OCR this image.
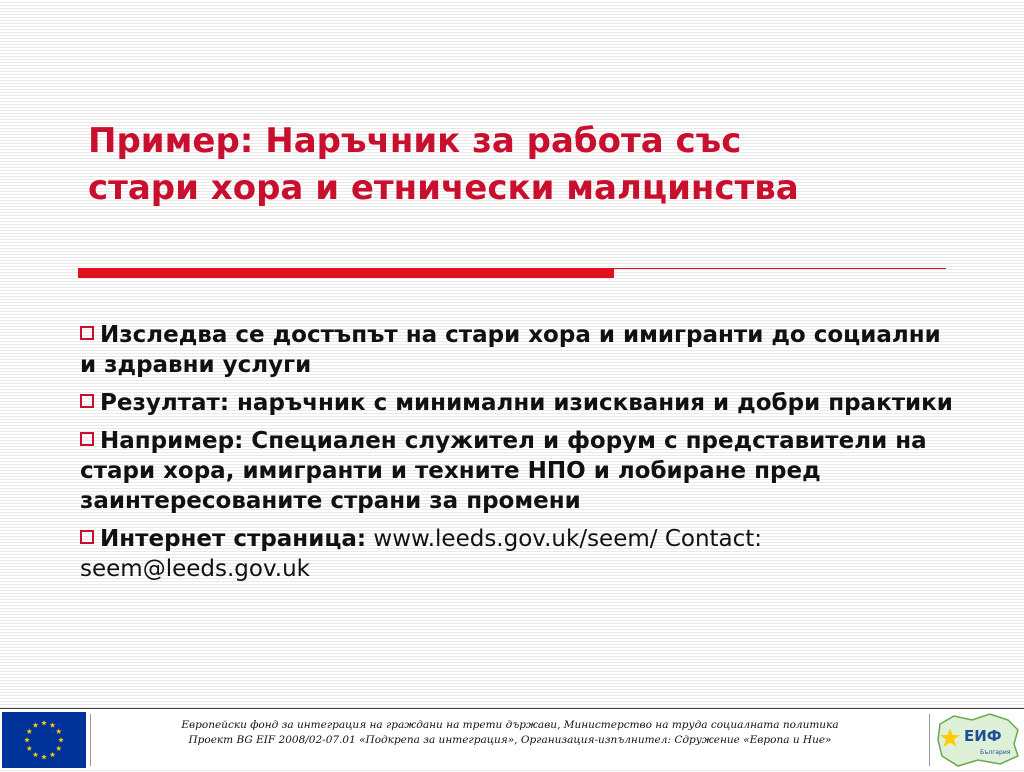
Пример: Наръчник за работа със
стари хора и етнически малцинства
Изследва се достъпът на стари хора и имигранти до социални и здравни услуги
Резултат: наръчник с минимални изисквания и добри практики
Например: Специален служител и форум с представители на стари хора, имигранти и техните НПО и лобиране пред заинтересованите страни за промени
Интернет страница: www.leeds.gov.uk/seem/ Contact: seem@leeds.gov.uk
Европейски фонд за интеграция на граждани на трети държави, Министерство на труда социалната политика
Проект BG EIF 2008/02-07.01 «Подкрепа за интеграция», Организация-изпълнител: Сдружение «Европа и Ние»	ЕИФ
България
